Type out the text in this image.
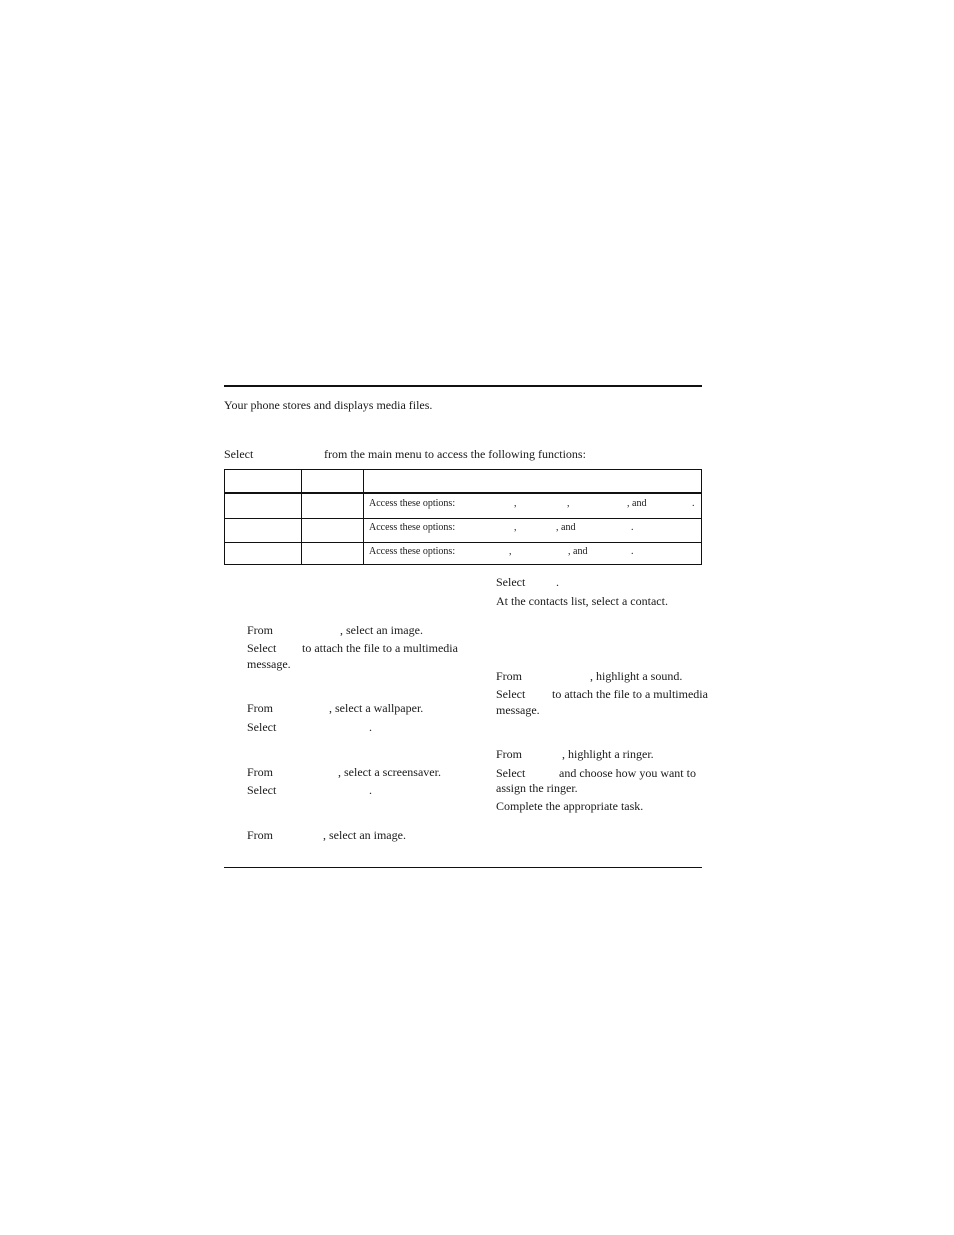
Your phone stores and displays media files.
Select	from the main menu to access the following functions:
Access these options:	,	,	, and	.
Access these options:	,	, and	.
Access these options:	,	, and	.
From	, select an image.
Select to attach the file to a multimedia
message.
From	, select a wallpaper.
Select	.
From	, select a screensaver.
Select	.
From	, select an image.
Select	.
At the contacts list, select a contact.
From	, highlight a sound.
Select to attach the file to a multimedia
message.
From	, highlight a ringer.
Select	and choose how you want to
assign the ringer.
Complete the appropriate task.
